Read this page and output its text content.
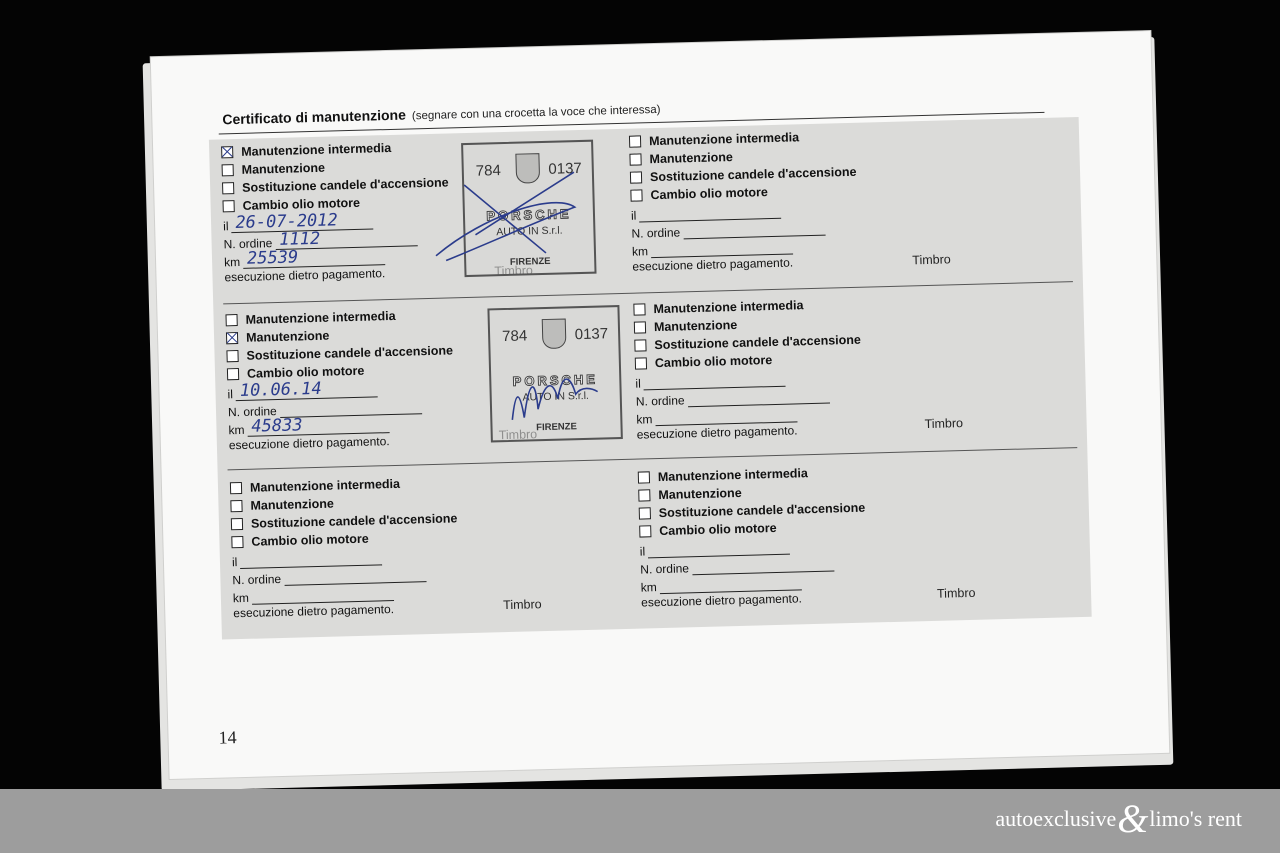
Certificato di manutenzione (segnare con una crocetta la voce che interessa)
Manutenzione intermedia
Manutenzione
Sostituzione candele d'accensione
Cambio olio motore
il 26-07-2012
N. ordine 1112
km 25539
esecuzione dietro pagamento.
Manutenzione intermedia
Manutenzione
Sostituzione candele d'accensione
Cambio olio motore
il
N. ordine
km
esecuzione dietro pagamento.
Manutenzione intermedia
Manutenzione
Sostituzione candele d'accensione
Cambio olio motore
il 10.06.14
N. ordine
km 45833
esecuzione dietro pagamento.
Manutenzione intermedia
Manutenzione
Sostituzione candele d'accensione
Cambio olio motore
il
N. ordine
km
esecuzione dietro pagamento.
Manutenzione intermedia
Manutenzione
Sostituzione candele d'accensione
Cambio olio motore
il
N. ordine
km
esecuzione dietro pagamento.
Manutenzione intermedia
Manutenzione
Sostituzione candele d'accensione
Cambio olio motore
il
N. ordine
km
esecuzione dietro pagamento.
Timbro
Timbro
Timbro
Timbro
784	0137
PORSCHE
AUTO IN S.r.l.
FIRENZE
784	0137
PORSCHE
AUTO IN S.r.l.
FIRENZE
14
autoexclusive & limo's rent
